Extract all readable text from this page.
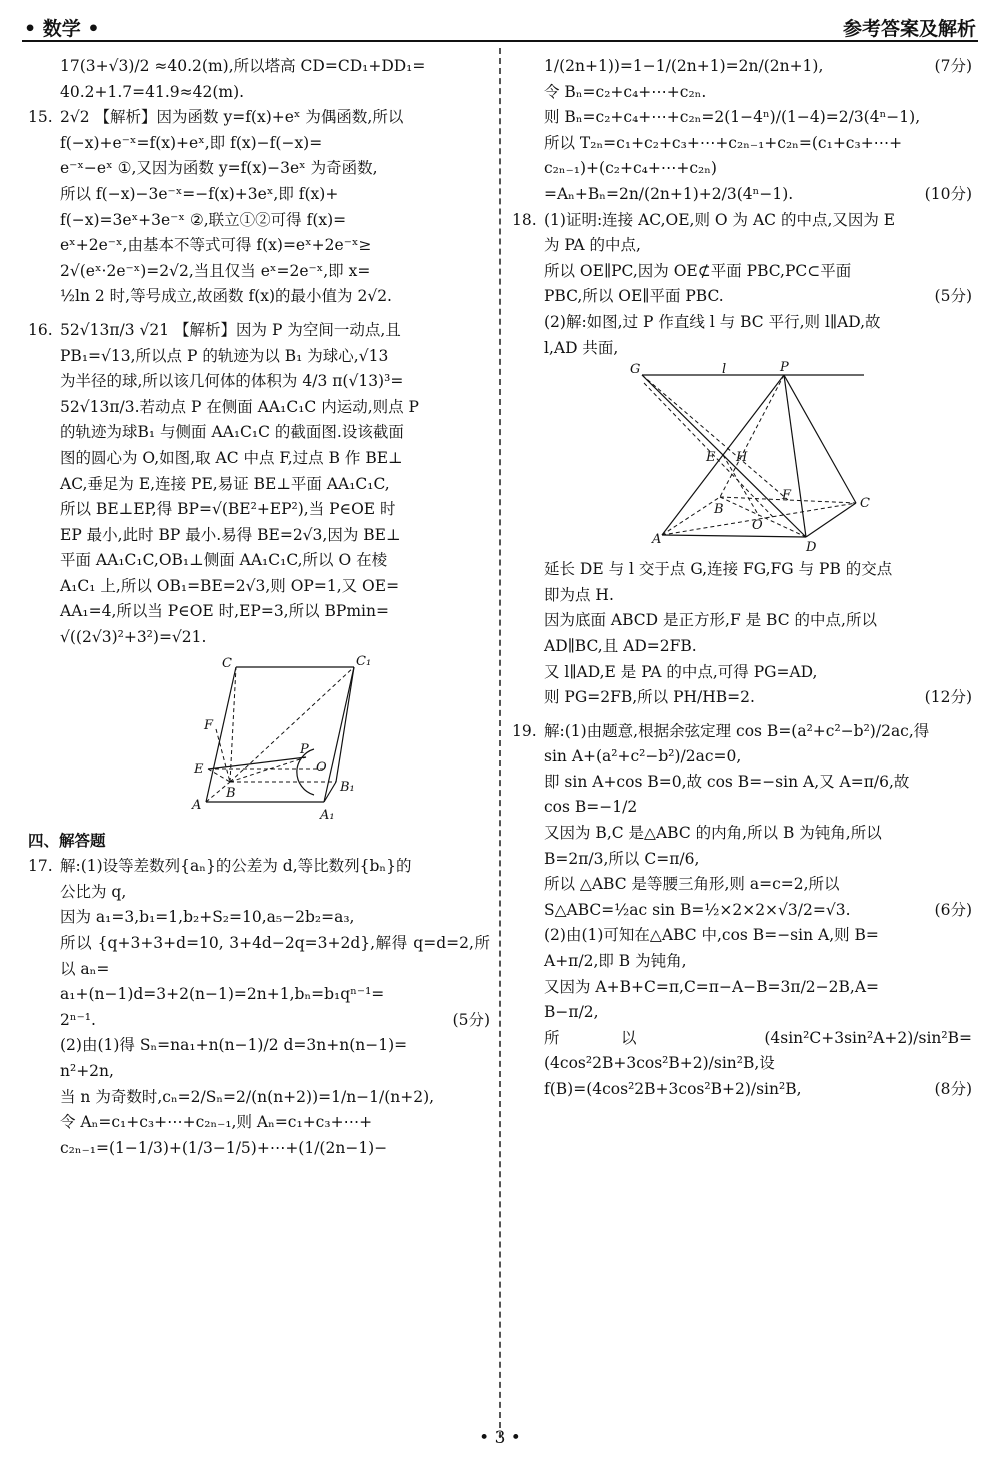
• 数学 •	参考答案及解析

17(3+√3)/2 ≈40.2(m),所以塔高 CD=CD₁+DD₁=

40.2+1.7=41.9≈42(m).

15. 2√2 【解析】因为函数 y=f(x)+eˣ 为偶函数,所以

f(−x)+e⁻ˣ=f(x)+eˣ,即 f(x)−f(−x)=

e⁻ˣ−eˣ ①,又因为函数 y=f(x)−3eˣ 为奇函数,

所以 f(−x)−3e⁻ˣ=−f(x)+3eˣ,即 f(x)+

f(−x)=3eˣ+3e⁻ˣ ②,联立①②可得 f(x)=

eˣ+2e⁻ˣ,由基本不等式可得 f(x)=eˣ+2e⁻ˣ≥

2√(eˣ·2e⁻ˣ)=2√2,当且仅当 eˣ=2e⁻ˣ,即 x=

½ln 2 时,等号成立,故函数 f(x)的最小值为 2√2.

16. 52√13π/3 √21 【解析】因为 P 为空间一动点,且

PB₁=√13,所以点 P 的轨迹为以 B₁ 为球心,√13

为半径的球,所以该几何体的体积为 4/3 π(√13)³=

52√13π/3.若动点 P 在侧面 AA₁C₁C 内运动,则点 P

的轨迹为球B₁ 与侧面 AA₁C₁C 的截面图.设该截面

图的圆心为 O,如图,取 AC 中点 F,过点 B 作 BE⊥

AC,垂足为 E,连接 PE,易证 BE⊥平面 AA₁C₁C,

所以 BE⊥EP,得 BP=√(BE²+EP²),当 P∈OE 时

EP 最小,此时 BP 最小.易得 BE=2√3,因为 BE⊥

平面 AA₁C₁C,OB₁⊥侧面 AA₁C₁C,所以 O 在棱

A₁C₁ 上,所以 OB₁=BE=2√3,则 OP=1,又 OE=

AA₁=4,所以当 P∈OE 时,EP=3,所以 BPmin=

√((2√3)²+3²)=√21.

C	C₁
F
P
O
E
B	B₁
A
A₁

四、解答题

17. 解:(1)设等差数列{aₙ}的公差为 d,等比数列{bₙ}的

公比为 q,

因为 a₁=3,b₁=1,b₂+S₂=10,a₅−2b₂=a₃,

所以 {q+3+3+d=10, 3+4d−2q=3+2d},解得 q=d=2,所以 aₙ=

a₁+(n−1)d=3+2(n−1)=2n+1,bₙ=b₁qⁿ⁻¹=

(5分)
2ⁿ⁻¹.

(2)由(1)得 Sₙ=na₁+n(n−1)/2 d=3n+n(n−1)=

n²+2n,

当 n 为奇数时,cₙ=2/Sₙ=2/(n(n+2))=1/n−1/(n+2),

令 Aₙ=c₁+c₃+⋯+c₂ₙ₋₁,则 Aₙ=c₁+c₃+⋯+

c₂ₙ₋₁=(1−1/3)+(1/3−1/5)+⋯+(1/(2n−1)−

(7分)
1/(2n+1))=1−1/(2n+1)=2n/(2n+1),

令 Bₙ=c₂+c₄+⋯+c₂ₙ.

则 Bₙ=c₂+c₄+⋯+c₂ₙ=2(1−4ⁿ)/(1−4)=2/3(4ⁿ−1),

所以 T₂ₙ=c₁+c₂+c₃+⋯+c₂ₙ₋₁+c₂ₙ=(c₁+c₃+⋯+

c₂ₙ₋₁)+(c₂+c₄+⋯+c₂ₙ)

(10分)
=Aₙ+Bₙ=2n/(2n+1)+2/3(4ⁿ−1).

18. (1)证明:连接 AC,OE,则 O 为 AC 的中点,又因为 E

为 PA 的中点,

所以 OE∥PC,因为 OE⊄平面 PBC,PC⊂平面

(5分)
PBC,所以 OE∥平面 PBC.

(2)解:如图,过 P 作直线 l 与 BC 平行,则 l∥AD,故

l,AD 共面,

G	l	P
E H
F
C
B
O
A
D

延长 DE 与 l 交于点 G,连接 FG,FG 与 PB 的交点

即为点 H.

因为底面 ABCD 是正方形,F 是 BC 的中点,所以

AD∥BC,且 AD=2FB.

又 l∥AD,E 是 PA 的中点,可得 PG=AD,

(12分)
则 PG=2FB,所以 PH/HB=2.

19. 解:(1)由题意,根据余弦定理 cos B=(a²+c²−b²)/2ac,得

sin A+(a²+c²−b²)/2ac=0,

即 sin A+cos B=0,故 cos B=−sin A,又 A=π/6,故

cos B=−1/2

又因为 B,C 是△ABC 的内角,所以 B 为钝角,所以

B=2π/3,所以 C=π/6,

所以 △ABC 是等腰三角形,则 a=c=2,所以

(6分)
S△ABC=½ac sin B=½×2×2×√3/2=√3.

(2)由(1)可知在△ABC 中,cos B=−sin A,则 B=

A+π/2,即 B 为钝角,

又因为 A+B+C=π,C=π−A−B=3π/2−2B,A=

B−π/2,

所以 (4sin²C+3sin²A+2)/sin²B=(4cos²2B+3cos²B+2)/sin²B,设

(8分)
f(B)=(4cos²2B+3cos²B+2)/sin²B,

• 3 •
